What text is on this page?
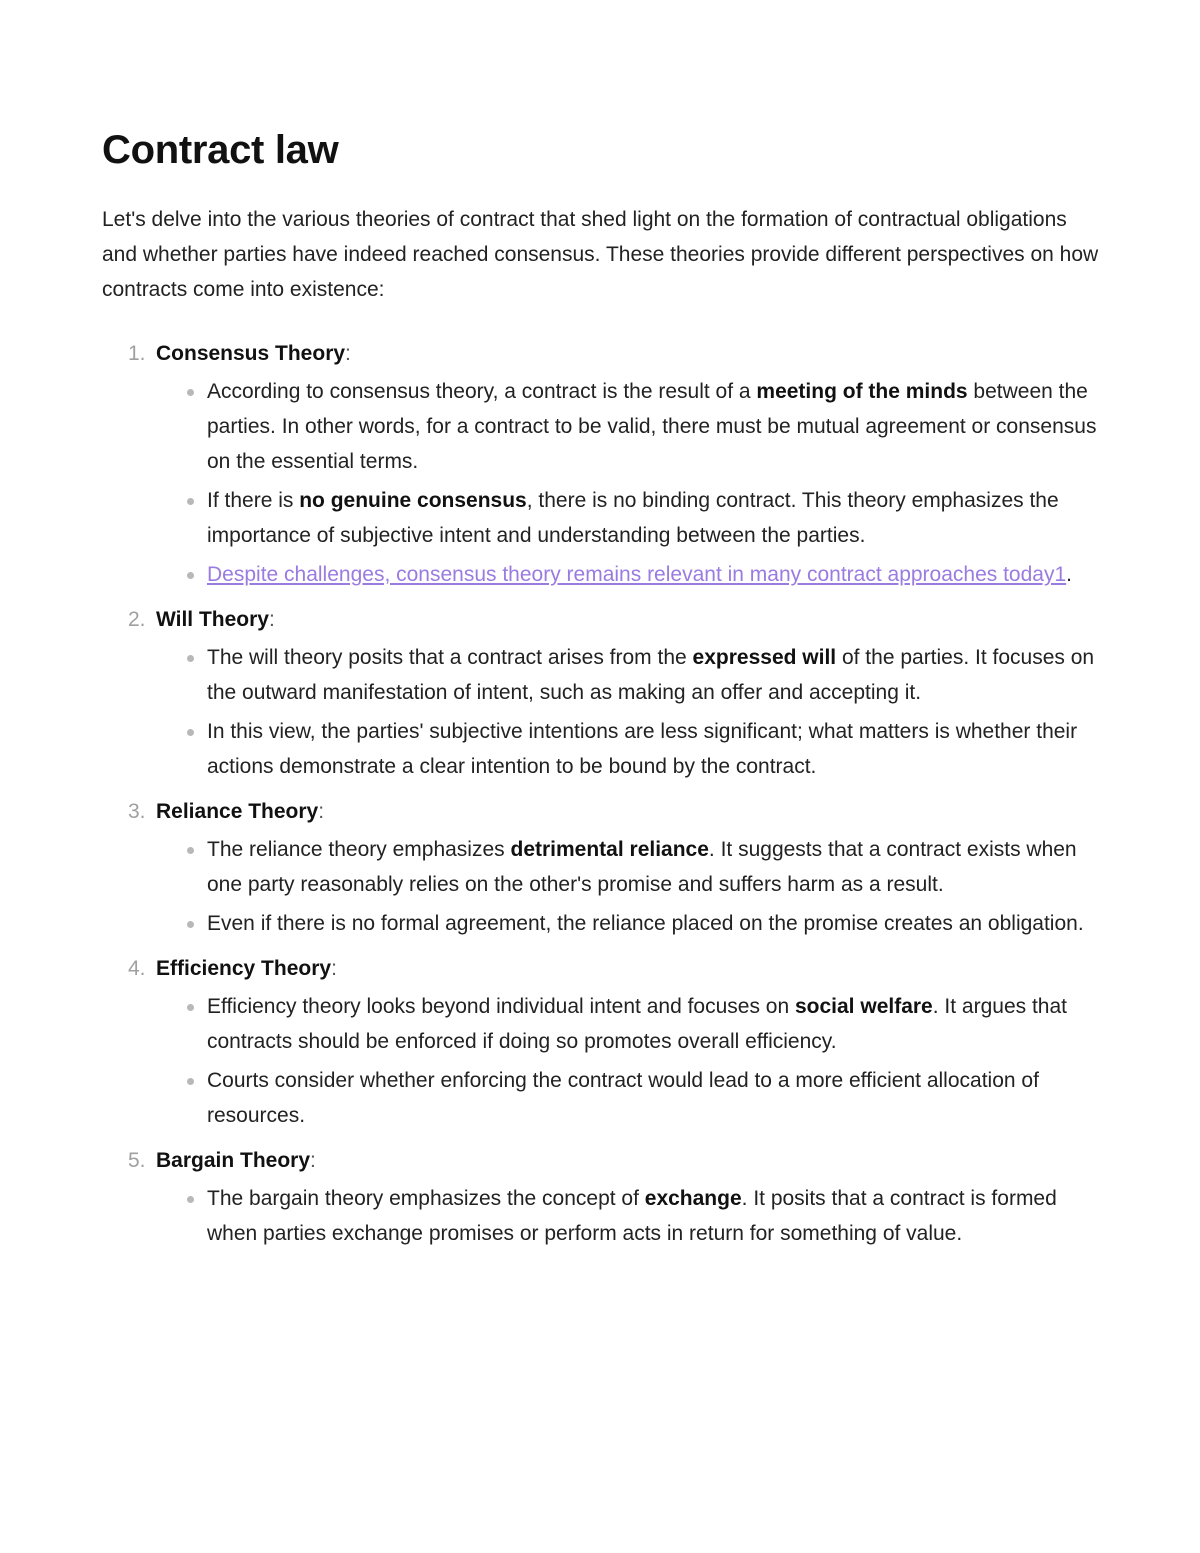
Contract law

Let's delve into the various theories of contract that shed light on the formation of contractual obligations and whether parties have indeed reached consensus. These theories provide different perspectives on how contracts come into existence:

1. Consensus Theory:
According to consensus theory, a contract is the result of a meeting of the minds between the parties. In other words, for a contract to be valid, there must be mutual agreement or consensus on the essential terms.
If there is no genuine consensus, there is no binding contract. This theory emphasizes the importance of subjective intent and understanding between the parties.
Despite challenges, consensus theory remains relevant in many contract approaches today1.
2. Will Theory:
The will theory posits that a contract arises from the expressed will of the parties. It focuses on the outward manifestation of intent, such as making an offer and accepting it.
In this view, the parties' subjective intentions are less significant; what matters is whether their actions demonstrate a clear intention to be bound by the contract.
3. Reliance Theory:
The reliance theory emphasizes detrimental reliance. It suggests that a contract exists when one party reasonably relies on the other's promise and suffers harm as a result.
Even if there is no formal agreement, the reliance placed on the promise creates an obligation.
4. Efficiency Theory:
Efficiency theory looks beyond individual intent and focuses on social welfare. It argues that contracts should be enforced if doing so promotes overall efficiency.
Courts consider whether enforcing the contract would lead to a more efficient allocation of resources.
5. Bargain Theory:
The bargain theory emphasizes the concept of exchange. It posits that a contract is formed when parties exchange promises or perform acts in return for something of value.
